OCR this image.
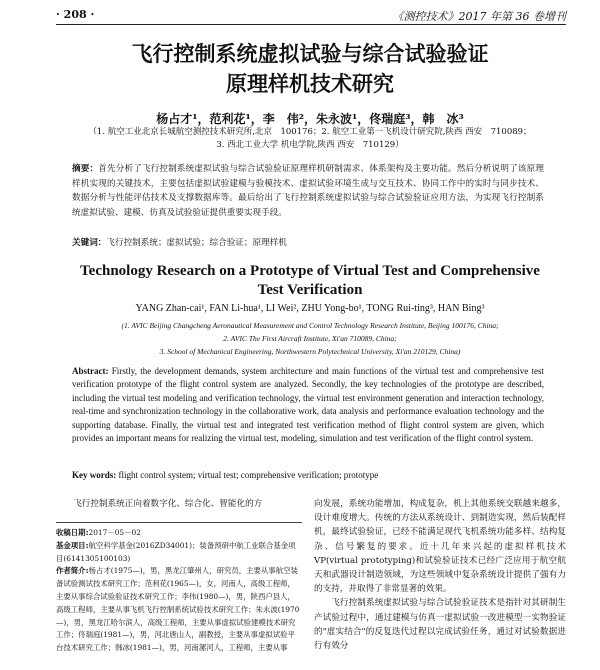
· 208 ·	《测控技术》2017 年第 36 卷增刊
飞行控制系统虚拟试验与综合试验验证
原理样机技术研究
杨占才¹，范利花¹，李　伟²，朱永波¹，佟瑞庭³，韩　冰³
（1. 航空工业北京长城航空测控技术研究所,北京　100176；2. 航空工业第一飞机设计研究院,陕西 西安　710089；
3. 西北工业大学 机电学院,陕西 西安　710129）
摘要：首先分析了飞行控制系统虚拟试验与综合试验验证原理样机研制需求、体系架构及主要功能。然后分析说明了该原理样机实现的关键技术，主要包括虚拟试验建模与验模技术、虚拟试验环境生成与交互技术、协同工作中的实时与同步技术、数据分析与性能评估技术及支撑数据库等。最后给出了飞行控制系统虚拟试验与综合试验验证应用方法，为实现飞行控制系统虚拟试验、建模、仿真及试验验证提供重要实现手段。
关键词：飞行控制系统；虚拟试验；综合验证；原理样机
Technology Research on a Prototype of Virtual Test and Comprehensive
Test Verification
YANG Zhan-cai¹, FAN Li-hua¹, LI Wei², ZHU Yong-bo¹, TONG Rui-ting³, HAN Bing³
(1. AVIC Beijing Changcheng Aeronautical Measurement and Control Technology Research Institute, Beijing 100176, China;
2. AVIC The First Aircraft Institute, Xi'an 710089, China;
3. School of Mechanical Engineering, Northwestern Polytechnical University, Xi'an 210129, China)
Abstract: Firstly, the development demands, system architecture and main functions of the virtual test and comprehensive test verification prototype of the flight control system are analyzed. Secondly, the key technologies of the prototype are described, including the virtual test modeling and verification technology, the virtual test environment generation and interaction technology, real-time and synchronization technology in the collaborative work, data analysis and performance evaluation technology and the supporting database. Finally, the virtual test and integrated test verification method of flight control system are given, which provides an important means for realizing the virtual test, modeling, simulation and test verification of the flight control system.
Key words: flight control system; virtual test; comprehensive verification; prototype
飞行控制系统正向着数字化、综合化、智能化的方
收稿日期:2017－05－02
基金项目:航空科学基金(2016ZD34001)；装备预研中航工业联合基金项目(6141305100103)
作者简介:杨占才(1975—)，男，黑龙江肇州人，研究员，主要从事航空装备试验测试技术研究工作；范利花(1965—)，女，河南人，高级工程师，主要从事综合试验验证技术研究工作；李伟(1980—)，男，陕西户县人，高级工程师，主要从事飞机飞行控制系统试验技术研究工作；朱永波(1970—)，男，黑龙江哈尔滨人，高级工程师，主要从事虚拟试验建模技术研究工作；佟瑞庭(1981—)，男，河北唐山人，副教授，主要从事虚拟试验平台技术研究工作；韩冰(1981—)，男，河南漯河人，工程师，主要从事

向发展，系统功能增加，构成复杂，机上其他系统交联越来越多，设计难度增大。传统的方法从系统设计、到制造实现，然后装配样机，最终试验验证，已经不能满足现代飞机系统功能多样、结构复杂、信号繁复的要求。近十几年来兴起的虚拟样机技术 VP(virtual prototyping)和试验验证技术已经广泛应用于航空航天和武器设计制造领域，为这些领域中复杂系统设计提供了强有力的支持，并取得了非常显著的效果。

飞行控制系统虚拟试验与综合试验验证技术是指针对其研制生产试验过程中，通过建模与仿真一虚拟试验一改进模型一实物验证的"虚实结合"的反复迭代过程以完成试验任务，通过对试验数据进行有效分
